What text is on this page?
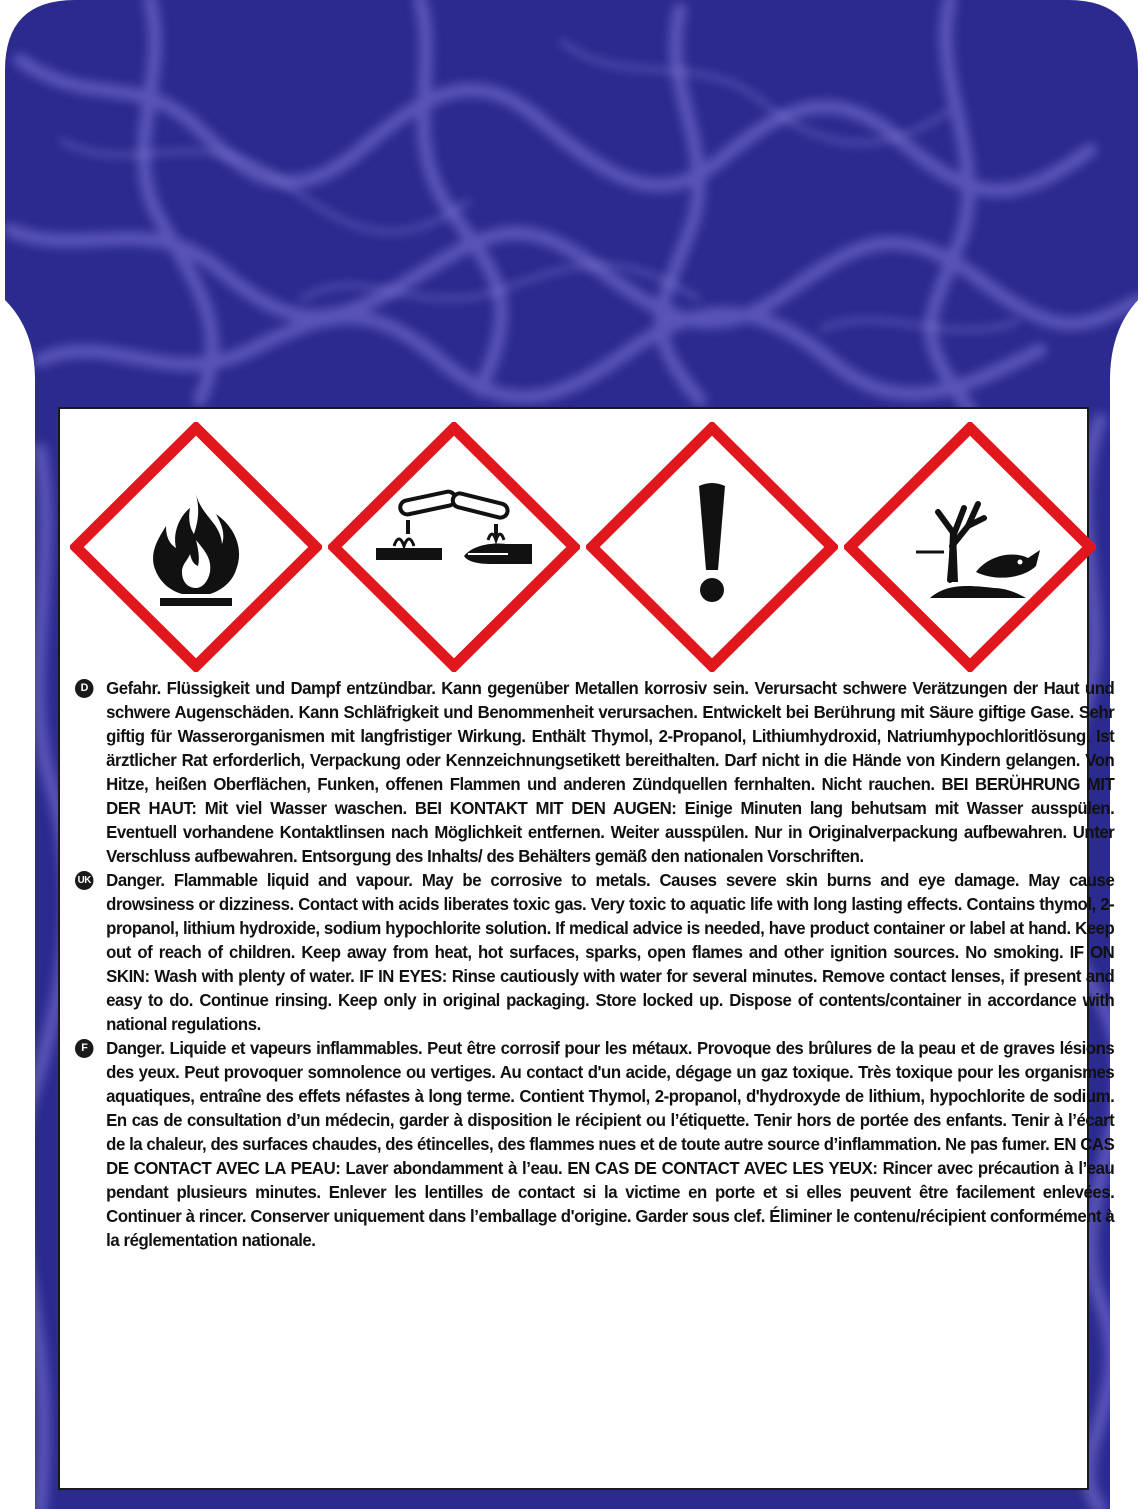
D	Gefahr. Flüssigkeit und Dampf entzündbar. Kann gegenüber Metallen korrosiv sein. Verursacht schwere Verätzungen der Haut und schwere Augenschäden. Kann Schläfrigkeit und Benommenheit verursachen. Entwickelt bei Berührung mit Säure giftige Gase. Sehr giftig für Wasserorganismen mit langfristiger Wirkung. Enthält Thymol, 2-Propanol, Lithiumhydroxid, Natriumhypochloritlösung. Ist ärztlicher Rat erforderlich, Verpackung oder Kennzeichnungsetikett bereithalten. Darf nicht in die Hände von Kindern gelangen. Von Hitze, heißen Oberflächen, Funken, offenen Flammen und anderen Zündquellen fernhalten. Nicht rauchen. BEI BERÜHRUNG MIT DER HAUT: Mit viel Wasser waschen. BEI KONTAKT MIT DEN AUGEN: Einige Minuten lang behutsam mit Wasser ausspülen. Eventuell vorhandene Kontaktlinsen nach Möglichkeit entfernen. Weiter ausspülen. Nur in Originalverpackung aufbewahren. Unter Verschluss aufbewahren. Entsorgung des Inhalts/ des Behälters gemäß den nationalen Vorschriften.

UK Danger. Flammable liquid and vapour. May be corrosive to metals. Causes severe skin burns and eye damage. May cause drowsiness or dizziness. Contact with acids liberates toxic gas. Very toxic to aquatic life with long lasting effects. Contains thymol, 2-propanol, lithium hydroxide, sodium hypochlorite solution. If medical advice is needed, have product container or label at hand. Keep out of reach of children. Keep away from heat, hot surfaces, sparks, open flames and other ignition sources. No smoking. IF ON SKIN: Wash with plenty of water. IF IN EYES: Rinse cautiously with water for several minutes. Remove contact lenses, if present and easy to do. Continue rinsing. Keep only in original packaging. Store locked up. Dispose of contents/container in accordance with national regulations.

F	Danger. Liquide et vapeurs inflammables. Peut être corrosif pour les métaux. Provoque des brûlures de la peau et de graves lésions des yeux. Peut provoquer somnolence ou vertiges. Au contact d'un acide, dégage un gaz toxique. Très toxique pour les organismes aquatiques, entraîne des effets néfastes à long terme. Contient Thymol, 2-propanol, d'hydroxyde de lithium, hypochlorite de sodium. En cas de consultation d’un médecin, garder à disposition le récipient ou l’étiquette. Tenir hors de portée des enfants. Tenir à l’écart de la chaleur, des surfaces chaudes, des étincelles, des flammes nues et de toute autre source d’inflammation. Ne pas fumer. EN CAS DE CONTACT AVEC LA PEAU: Laver abondamment à l’eau. EN CAS DE CONTACT AVEC LES YEUX: Rincer avec précaution à l’eau pendant plusieurs minutes. Enlever les lentilles de contact si la victime en porte et si elles peuvent être facilement enlevées. Continuer à rincer. Conserver uniquement dans l’emballage d'origine. Garder sous clef. Éliminer le contenu/récipient conformément à la réglementation nationale.
